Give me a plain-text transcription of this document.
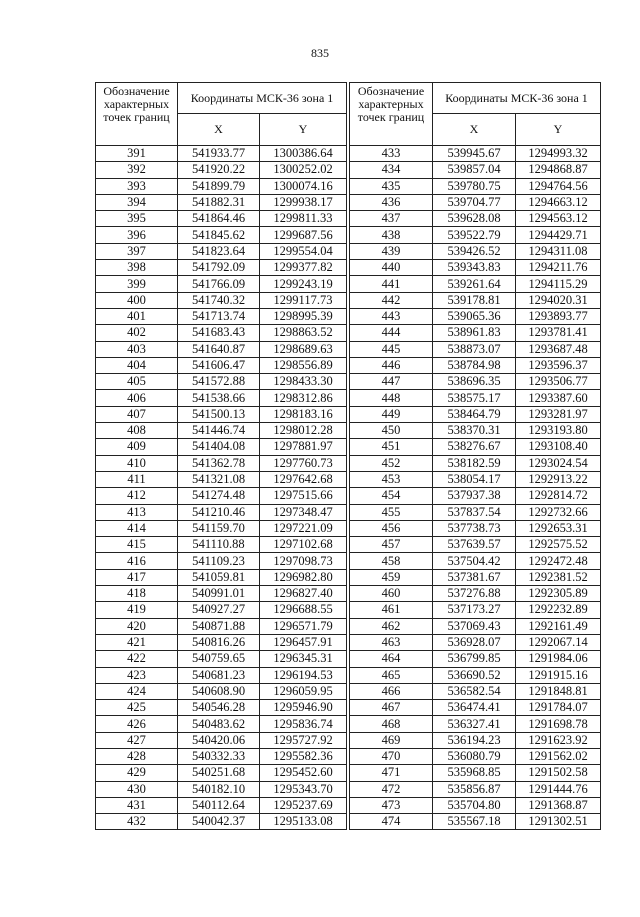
835
Обозначение характерных точек границ	Координаты МСК-36 зона 1	
	X	Y
391	541933.77	1300386.64
392	541920.22	1300252.02
393	541899.79	1300074.16
394	541882.31	1299938.17
395	541864.46	1299811.33
396	541845.62	1299687.56
397	541823.64	1299554.04
398	541792.09	1299377.82
399	541766.09	1299243.19
400	541740.32	1299117.73
401	541713.74	1298995.39
402	541683.43	1298863.52
403	541640.87	1298689.63
404	541606.47	1298556.89
405	541572.88	1298433.30
406	541538.66	1298312.86
407	541500.13	1298183.16
408	541446.74	1298012.28
409	541404.08	1297881.97
410	541362.78	1297760.73
411	541321.08	1297642.68
412	541274.48	1297515.66
413	541210.46	1297348.47
414	541159.70	1297221.09
415	541110.88	1297102.68
416	541109.23	1297098.73
417	541059.81	1296982.80
418	540991.01	1296827.40
419	540927.27	1296688.55
420	540871.88	1296571.79
421	540816.26	1296457.91
422	540759.65	1296345.31
423	540681.23	1296194.53
424	540608.90	1296059.95
425	540546.28	1295946.90
426	540483.62	1295836.74
427	540420.06	1295727.92
428	540332.33	1295582.36
429	540251.68	1295452.60
430	540182.10	1295343.70
431	540112.64	1295237.69
432	540042.37	1295133.08
Обозначение характерных точек границ	Координаты МСК-36 зона 1	
	X	Y
433	539945.67	1294993.32
434	539857.04	1294868.87
435	539780.75	1294764.56
436	539704.77	1294663.12
437	539628.08	1294563.12
438	539522.79	1294429.71
439	539426.52	1294311.08
440	539343.83	1294211.76
441	539261.64	1294115.29
442	539178.81	1294020.31
443	539065.36	1293893.77
444	538961.83	1293781.41
445	538873.07	1293687.48
446	538784.98	1293596.37
447	538696.35	1293506.77
448	538575.17	1293387.60
449	538464.79	1293281.97
450	538370.31	1293193.80
451	538276.67	1293108.40
452	538182.59	1293024.54
453	538054.17	1292913.22
454	537937.38	1292814.72
455	537837.54	1292732.66
456	537738.73	1292653.31
457	537639.57	1292575.52
458	537504.42	1292472.48
459	537381.67	1292381.52
460	537276.88	1292305.89
461	537173.27	1292232.89
462	537069.43	1292161.49
463	536928.07	1292067.14
464	536799.85	1291984.06
465	536690.52	1291915.16
466	536582.54	1291848.81
467	536474.41	1291784.07
468	536327.41	1291698.78
469	536194.23	1291623.92
470	536080.79	1291562.02
471	535968.85	1291502.58
472	535856.87	1291444.76
473	535704.80	1291368.87
474	535567.18	1291302.51
